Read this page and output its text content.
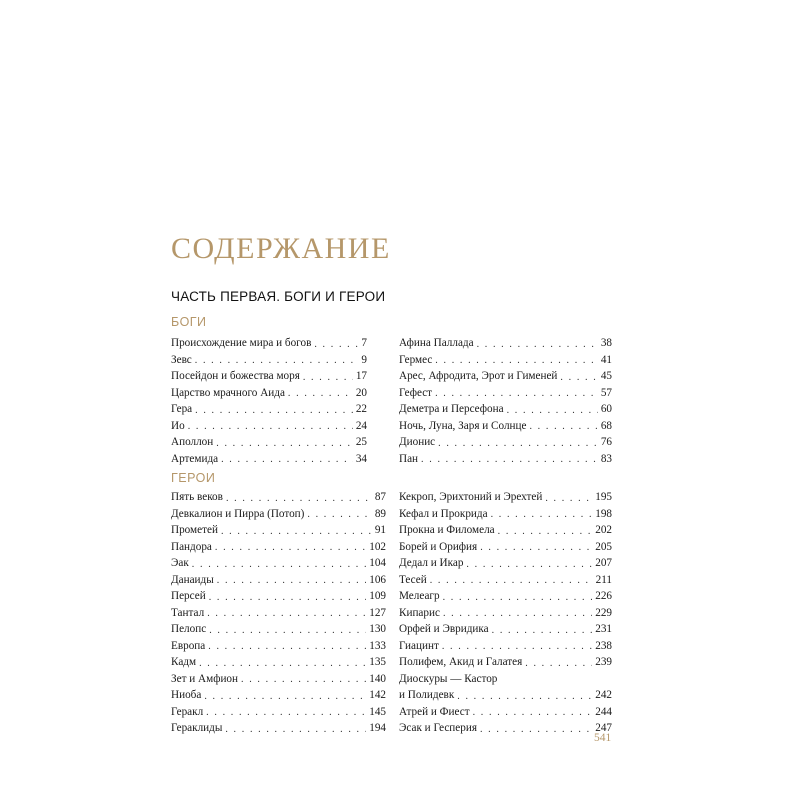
СОДЕРЖАНИЕ
ЧАСТЬ ПЕРВАЯ. БОГИ И ГЕРОИ
БОГИ
Происхождение мира и богов . . .	7
Зевс . . .	9
Посейдон и божества моря . . .	17
Царство мрачного Аида . . .	20
Гера . . .	22
Ио . . .	24
Аполлон . . .	25
Артемида . . .	34
Афина Паллада . . .	38
Гермес . . .	41
Арес, Афродита, Эрот и Гименей . . .	45
Гефест . . .	57
Деметра и Персефона . . .	60
Ночь, Луна, Заря и Солнце . . .	68
Дионис . . .	76
Пан . . .	83
ГЕРОИ
Пять веков . . .	87
Девкалион и Пирра (Потоп) . . .	89
Прометей . . .	91
Пандора . . .	102
Эак . . .	104
Данаиды . . .	106
Персей . . .	109
Тантал . . .	127
Пелопс . . .	130
Европа . . .	133
Кадм . . .	135
Зет и Амфион . . .	140
Ниоба . . .	142
Геракл . . .	145
Гераклиды . . .	194
Кекроп, Эрихтоний и Эрехтей . . .	195
Кефал и Прокрида . . .	198
Прокна и Филомела . . .	202
Борей и Орифия . . .	205
Дедал и Икар . . .	207
Тесей . . .	211
Мелеагр . . .	226
Кипарис . . .	229
Орфей и Эвридика . . .	231
Гиацинт . . .	238
Полифем, Акид и Галатея . . .	239
Диоскуры — Кастор
и Полидевк . . .	242
Атрей и Фиест . . .	244
Эсак и Гесперия . . .	247
541
